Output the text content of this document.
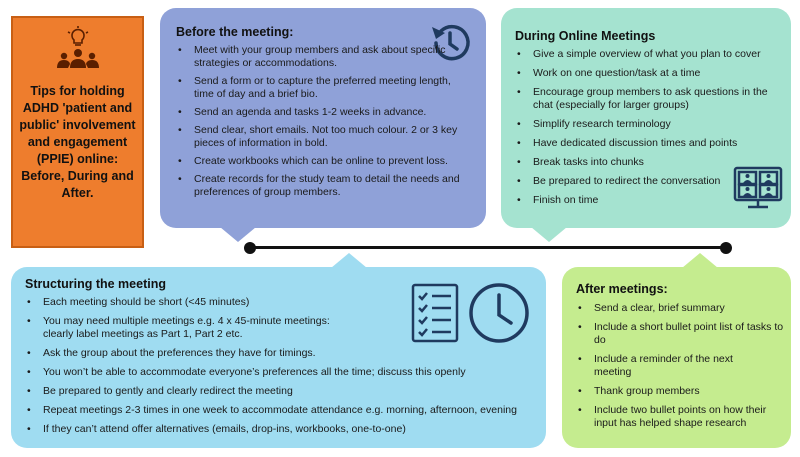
Tips for holding ADHD 'patient and public' involvement and engagement (PPIE) online: Before, During and After.
Before the meeting:
• Meet with your group members and ask about specific strategies or accommodations.
• Send a form or to capture the preferred meeting length, time of day and a brief bio.
• Send an agenda and tasks 1-2 weeks in advance.
• Send clear, short emails. Not too much colour. 2 or 3 key pieces of information in bold.
• Create workbooks which can be online to prevent loss.
• Create records for the study team to detail the needs and preferences of group members.
During Online Meetings
• Give a simple overview of what you plan to cover
• Work on one question/task at a time
• Encourage group members to ask questions in the chat (especially for larger groups)
• Simplify research terminology
• Have dedicated discussion times and points
• Break tasks into chunks
• Be prepared to redirect the conversation
• Finish on time
Structuring the meeting
• Each meeting should be short (<45 minutes)
• You may need multiple meetings e.g. 4 x 45-minute meetings: clearly label meetings as Part 1, Part 2 etc.
• Ask the group about the preferences they have for timings.
• You won’t be able to accommodate everyone’s preferences all the time; discuss this openly
• Be prepared to gently and clearly redirect the meeting
• Repeat meetings 2-3 times in one week to accommodate attendance e.g. morning, afternoon, evening
• If they can’t attend offer alternatives (emails, drop-ins, workbooks, one-to-one)
After meetings:
• Send a clear, brief summary
• Include a short bullet point list of tasks to do
• Include a reminder of the next meeting
• Thank group members
• Include two bullet points on how their input has helped shape research
